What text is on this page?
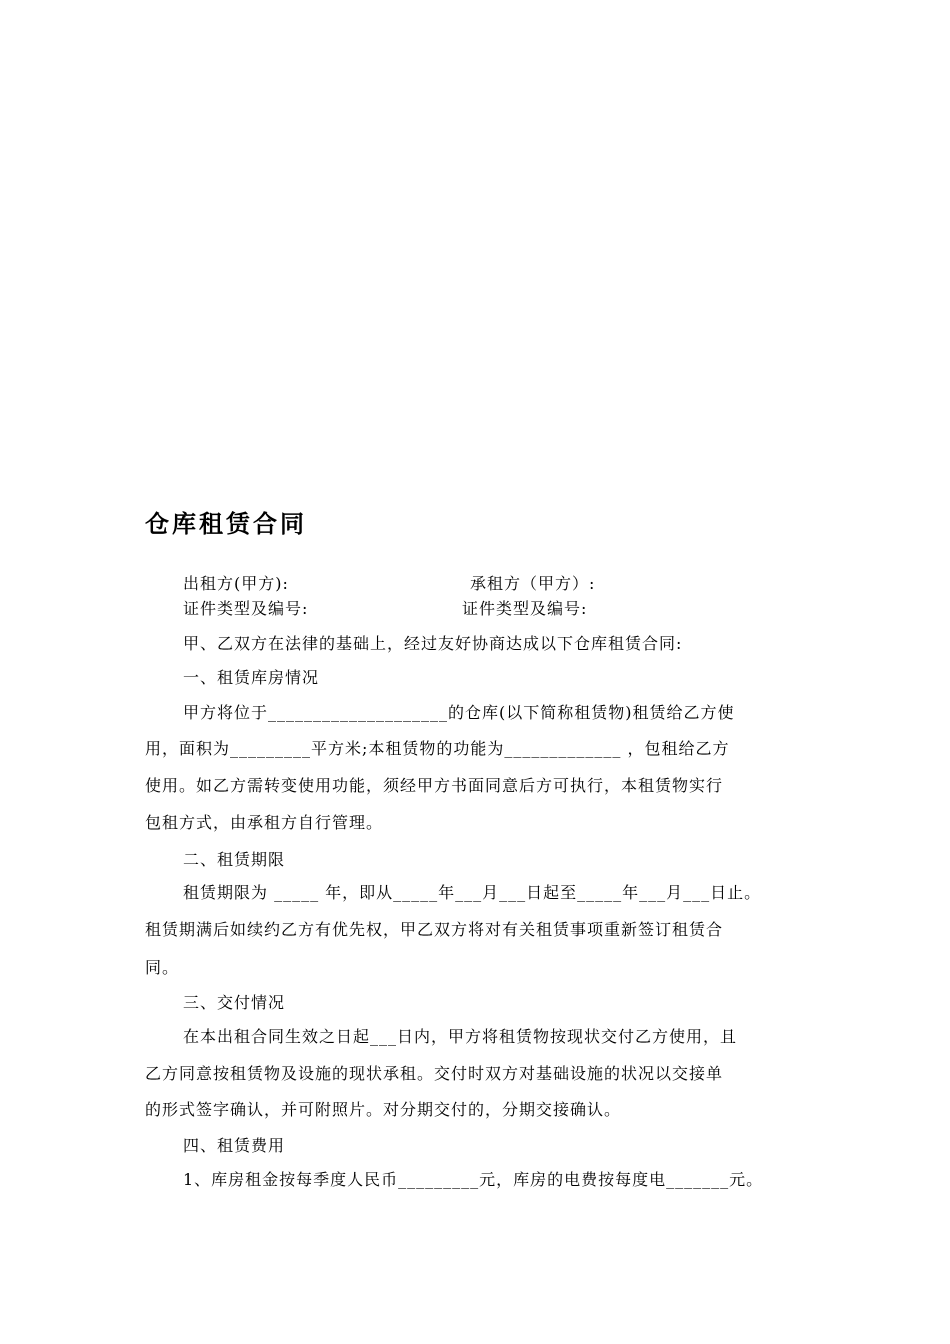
仓库租赁合同
出租方(甲方):	承租方（甲方）:
证件类型及编号:	证件类型及编号:
甲、乙双方在法律的基础上，经过友好协商达成以下仓库租赁合同:
一、租赁库房情况
甲方将位于____________________的仓库(以下简称租赁物)租赁给乙方使
用，面积为_________平方米;本租赁物的功能为_____________ ，包租给乙方
使用。如乙方需转变使用功能，须经甲方书面同意后方可执行，本租赁物实行
包租方式，由承租方自行管理。
二、租赁期限
租赁期限为 _____ 年，即从_____年___月___日起至_____年___月___日止。
租赁期满后如续约乙方有优先权，甲乙双方将对有关租赁事项重新签订租赁合
同。
三、交付情况
在本出租合同生效之日起___日内，甲方将租赁物按现状交付乙方使用，且
乙方同意按租赁物及设施的现状承租。交付时双方对基础设施的状况以交接单
的形式签字确认，并可附照片。对分期交付的，分期交接确认。
四、租赁费用
1、库房租金按每季度人民币_________元，库房的电费按每度电_______元。
